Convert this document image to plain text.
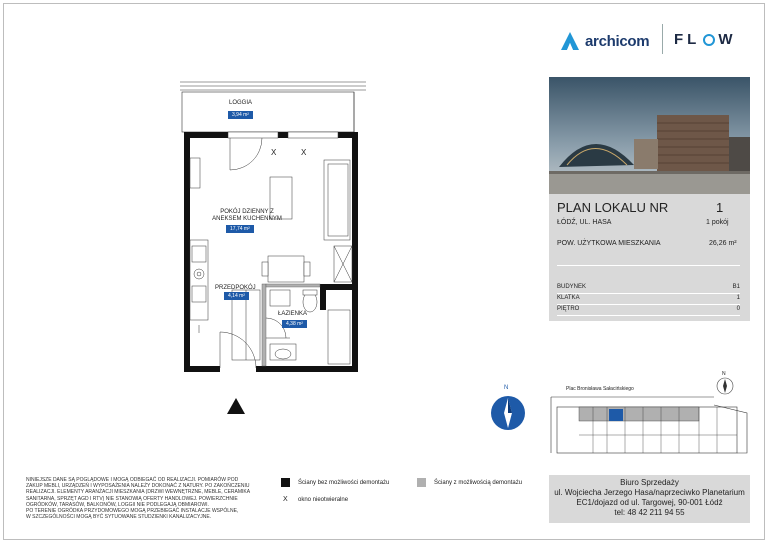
archicom FL W
LOGGIA
3,94 m²
X	X
POKÓJ DZIENNY Z
ANEKSEM KUCHENNYM
17,74 m²
PRZEDPOKÓJ
4,14 m²
ŁAZIENKA
4,38 m²
N
PLAN LOKALU NR	1
ŁÓDŹ, UL. HASA	1 pokój
POW. UŻYTKOWA MIESZKANIA	26,26 m²
BUDYNEK	B1
KLATKA	1
PIĘTRO	0
Plac Bronisława Sałacińskiego
N
Ściany bez możliwości demontażu	Ściany z możliwością demontażu
X okno nieotwieralne
NINIEJSZE DANE SĄ POGLĄDOWE I MOGĄ ODBIEGAĆ OD REALIZACJI. POMIARÓW POD
ZAKUP MEBLI, URZĄDZEŃ I WYPOSAŻENIA NALEŻY DOKONAĆ Z NATURY. PO ZAKOŃCZENIU
REALIZACJI. ELEMENTY ARANŻACJI MIESZKANIA (DRZWI WEWNĘTRZNE, MEBLE, CERAMIKA
SANITARNA, SPRZĘT AGD I RTV) NIE STANOWIĄ OFERTY HANDLOWEJ. POWIERZCHNIE
OGRÓDKÓW, TARASÓW, BALKONÓW, LOGGII NIE PODLEGAJĄ OBMIAROWI.
PO TERENIE OGRÓDKA PRZYDOMOWEGO MOGĄ PRZEBIEGAĆ INSTALACJE WSPÓLNE,
W SZCZEGÓLNOŚCI MOGĄ BYĆ SYTUOWANE STUDZIENKI KANALIZACYJNE.
Biuro Sprzedaży
ul. Wojciecha Jerzego Hasa/naprzeciwko Planetarium
EC1/dojazd od ul. Targowej, 90-001 Łódź
tel: 48 42 211 94 55
